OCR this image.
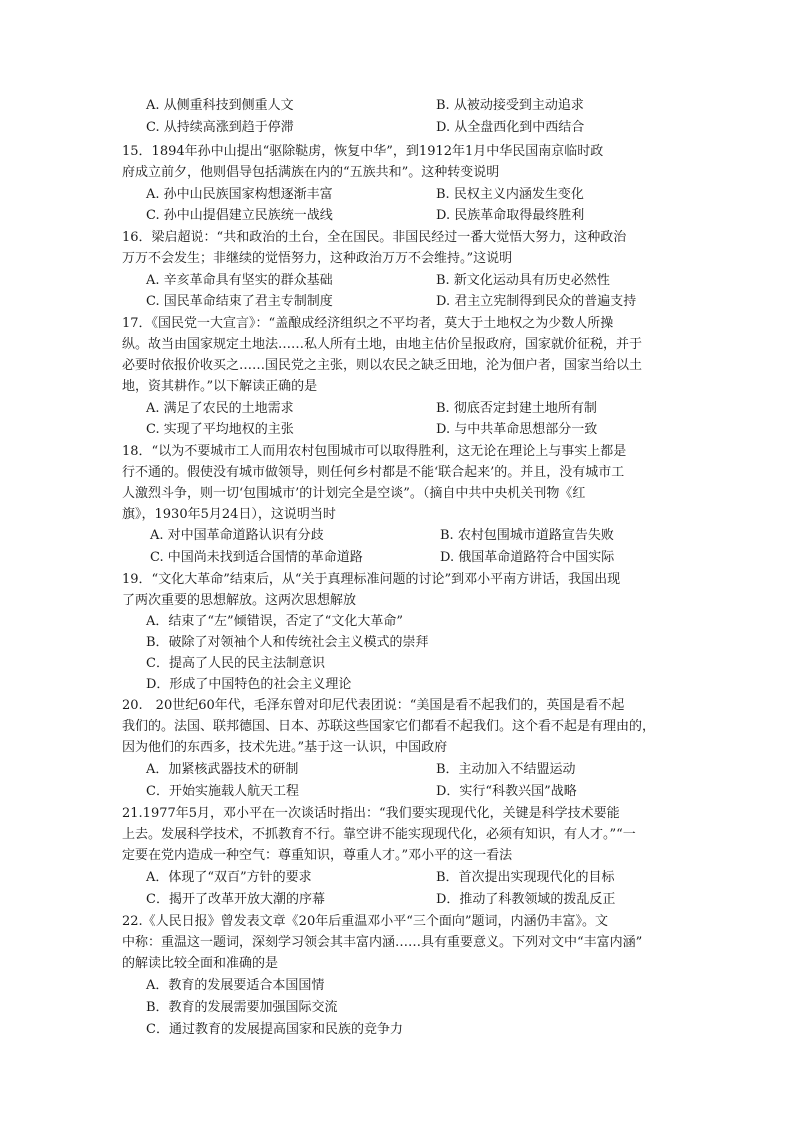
A. 从侧重科技到侧重人文	B. 从被动接受到主动追求
C. 从持续高涨到趋于停滞	D. 从全盘西化到中西结合
15．1894年孙中山提出“驱除鞑虏，恢复中华”，到1912年1月中华民国南京临时政
府成立前夕，他则倡导包括满族在内的“五族共和”。这种转变说明
A. 孙中山民族国家构想逐渐丰富	B. 民权主义内涵发生变化
C. 孙中山提倡建立民族统一战线	D. 民族革命取得最终胜利
16．梁启超说：“共和政治的土台，全在国民。非国民经过一番大觉悟大努力，这种政治
万万不会发生；非继续的觉悟努力，这种政治万万不会维持。”这说明
A. 辛亥革命具有坚实的群众基础	B. 新文化运动具有历史必然性
C. 国民革命结束了君主专制制度	D. 君主立宪制得到民众的普遍支持
17．《国民党一大宣言》：“盖酿成经济组织之不平均者，莫大于土地权之为少数人所操
纵。故当由国家规定土地法……私人所有土地，由地主估价呈报政府，国家就价征税，并于
必要时依报价收买之……国民党之主张，则以农民之缺乏田地，沦为佃户者，国家当给以土
地，资其耕作。”以下解读正确的是
A. 满足了农民的土地需求	B. 彻底否定封建土地所有制
C. 实现了平均地权的主张	D. 与中共革命思想部分一致
18．“以为不要城市工人而用农村包围城市可以取得胜利，这无论在理论上与事实上都是
行不通的。假使没有城市做领导，则任何乡村都是不能‘联合起来’的。并且，没有城市工
人激烈斗争，则一切‘包围城市’的计划完全是空谈”。（摘自中共中央机关刊物《红
旗》，1930年5月24日），这说明当时
A. 对中国革命道路认识有分歧	B. 农村包围城市道路宣告失败
C. 中国尚未找到适合国情的革命道路	D. 俄国革命道路符合中国实际
19．“文化大革命”结束后，从“关于真理标准问题的讨论”到邓小平南方讲话，我国出现
了两次重要的思想解放。这两次思想解放
A．结束了“左”倾错误，否定了“文化大革命”
B．破除了对领袖个人和传统社会主义模式的崇拜
C．提高了人民的民主法制意识
D．形成了中国特色的社会主义理论
20.　20世纪60年代，毛泽东曾对印尼代表团说：“美国是看不起我们的，英国是看不起
我们的。法国、联邦德国、日本、苏联这些国家它们都看不起我们。这个看不起是有理由的，
因为他们的东西多，技术先进。”基于这一认识，中国政府
A．加紧核武器技术的研制	B．主动加入不结盟运动
C．开始实施载人航天工程	D．实行“科教兴国”战略
21.1977年5月，邓小平在一次谈话时指出：“我们要实现现代化，关键是科学技术要能
上去。发展科学技术，不抓教育不行。靠空讲不能实现现代化，必须有知识，有人才。”“一
定要在党内造成一种空气：尊重知识，尊重人才。”邓小平的这一看法
A．体现了“双百”方针的要求	B．首次提出实现现代化的目标
C．揭开了改革开放大潮的序幕	D．推动了科教领域的拨乱反正
22.《人民日报》曾发表文章《20年后重温邓小平“三个面向”题词，内涵仍丰富》。文
中称：重温这一题词，深刻学习领会其丰富内涵……具有重要意义。下列对文中“丰富内涵”
的解读比较全面和准确的是
A．教育的发展要适合本国国情
B．教育的发展需要加强国际交流
C．通过教育的发展提高国家和民族的竞争力
